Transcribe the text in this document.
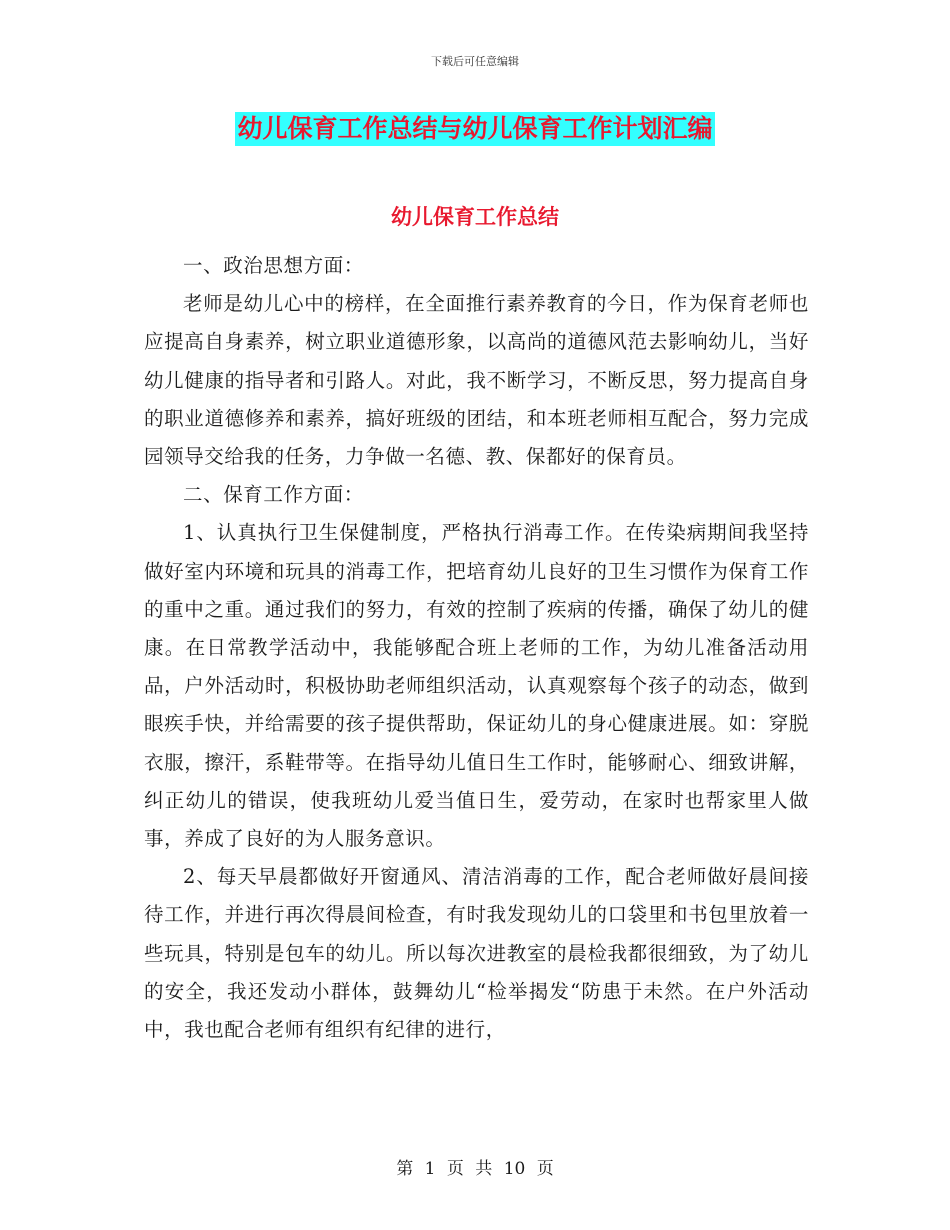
下载后可任意编辑
幼儿保育工作总结与幼儿保育工作计划汇编
幼儿保育工作总结

一、政治思想方面：

老师是幼儿心中的榜样，在全面推行素养教育的今日，作为保育老师也应提高自身素养，树立职业道德形象，以高尚的道德风范去影响幼儿，当好幼儿健康的指导者和引路人。对此，我不断学习，不断反思，努力提高自身的职业道德修养和素养，搞好班级的团结，和本班老师相互配合，努力完成园领导交给我的任务，力争做一名德、教、保都好的保育员。

二、保育工作方面：

1、认真执行卫生保健制度，严格执行消毒工作。在传染病期间我坚持做好室内环境和玩具的消毒工作，把培育幼儿良好的卫生习惯作为保育工作的重中之重。通过我们的努力，有效的控制了疾病的传播，确保了幼儿的健康。在日常教学活动中，我能够配合班上老师的工作，为幼儿准备活动用品，户外活动时，积极协助老师组织活动，认真观察每个孩子的动态，做到眼疾手快，并给需要的孩子提供帮助，保证幼儿的身心健康进展。如：穿脱衣服，擦汗，系鞋带等。在指导幼儿值日生工作时，能够耐心、细致讲解，纠正幼儿的错误，使我班幼儿爱当值日生，爱劳动，在家时也帮家里人做事，养成了良好的为人服务意识。

2、每天早晨都做好开窗通风、清洁消毒的工作，配合老师做好晨间接待工作，并进行再次得晨间检查，有时我发现幼儿的口袋里和书包里放着一些玩具，特别是包车的幼儿。所以每次进教室的晨检我都很细致，为了幼儿的安全，我还发动小群体，鼓舞幼儿“检举揭发“防患于未然。在户外活动中，我也配合老师有组织有纪律的进行，

第 1 页 共 10 页
